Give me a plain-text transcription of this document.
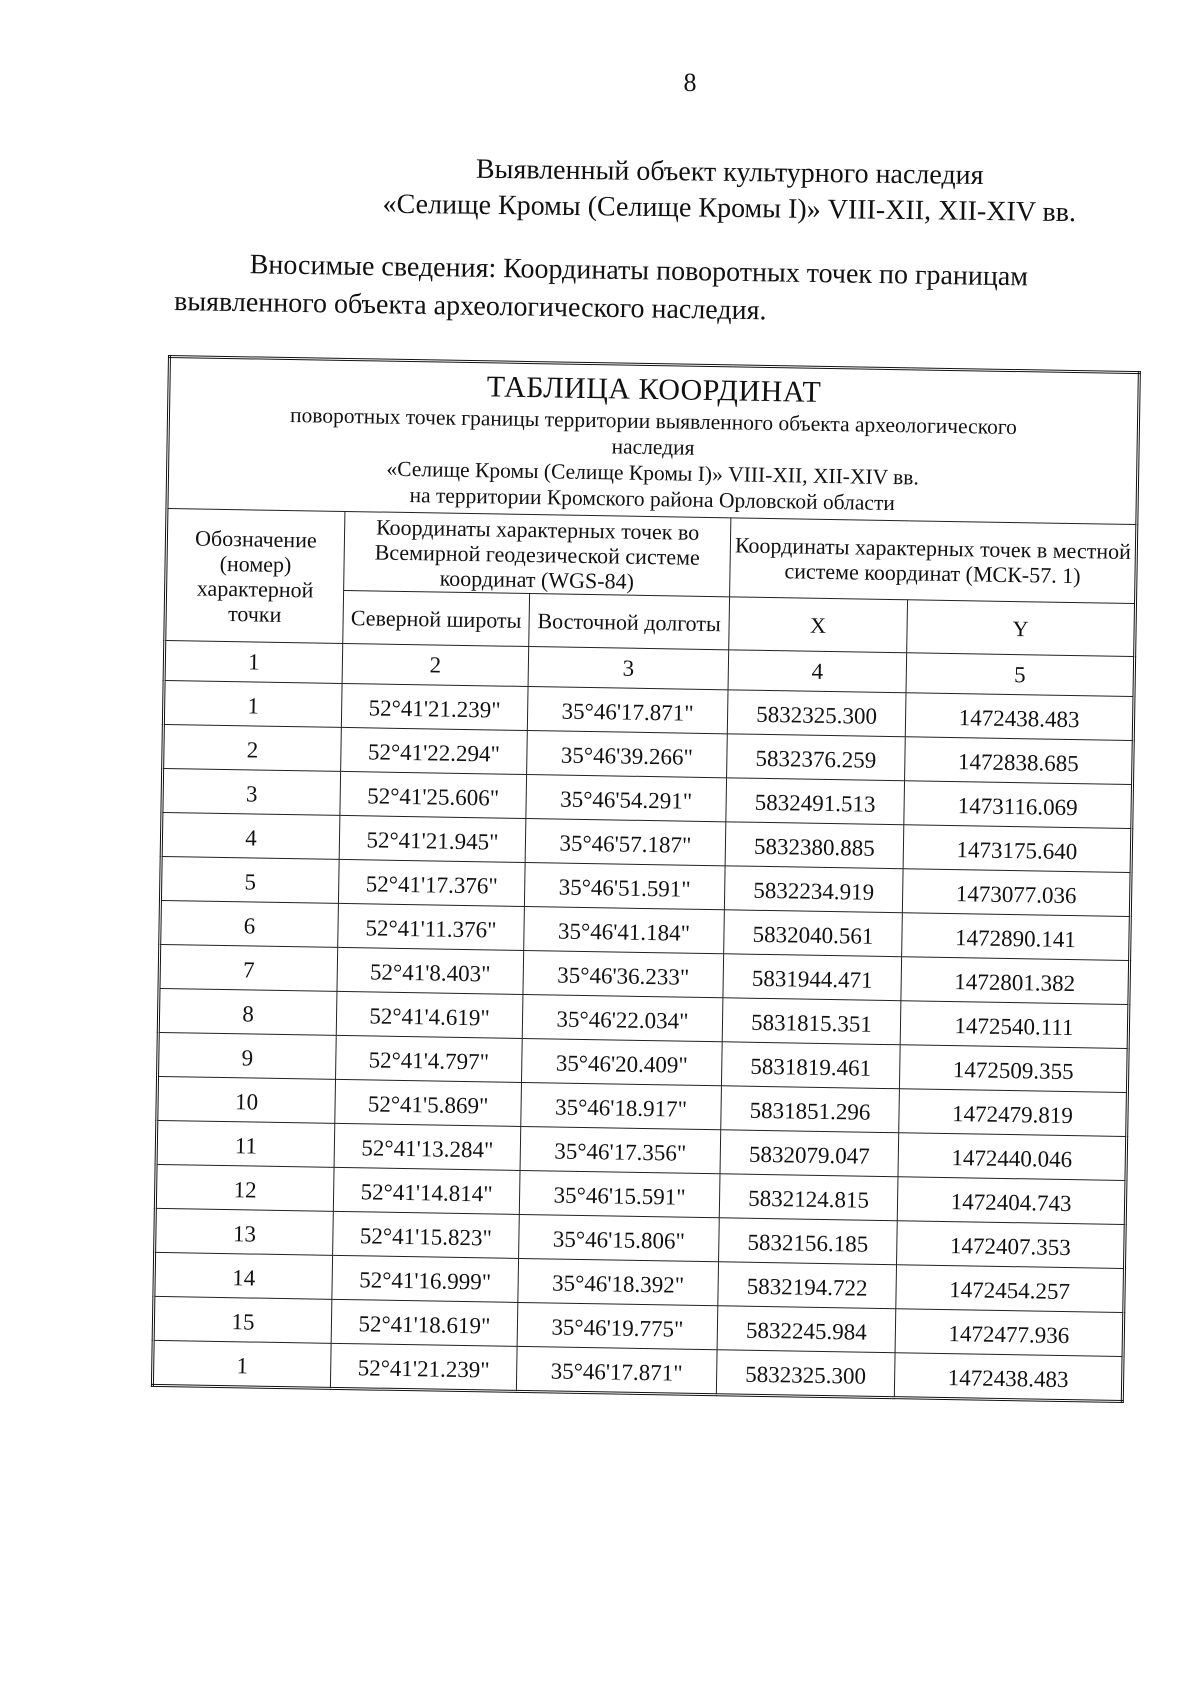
8
Выявленный объект культурного наследия
«Селище Кромы (Селище Кромы I)» VIII-XII, XII-XIV вв.
Вносимые сведения: Координаты поворотных точек по границам
выявленного объекта археологического наследия.
ТАБЛИЦА КООРДИНАТ
поворотных точек границы территории выявленного объекта археологического
наследия
«Селище Кромы (Селище Кромы I)» VIII-XII, XII-XIV вв.
на территории Кромского района Орловской области				

Обозначение (номер) характерной точки	Координаты характерных точек во Всемирной геодезической системе координат (WGS-84)		Координаты характерных точек в местной системе координат (МСК-57. 1)	
	Северной широты	Восточной долготы	X	Y
1	2	3	4	5
1	52°41'21.239"	35°46'17.871"	5832325.300	1472438.483
2	52°41'22.294"	35°46'39.266"	5832376.259	1472838.685
3	52°41'25.606"	35°46'54.291"	5832491.513	1473116.069
4	52°41'21.945"	35°46'57.187"	5832380.885	1473175.640
5	52°41'17.376"	35°46'51.591"	5832234.919	1473077.036
6	52°41'11.376"	35°46'41.184"	5832040.561	1472890.141
7	52°41'8.403"	35°46'36.233"	5831944.471	1472801.382
8	52°41'4.619"	35°46'22.034"	5831815.351	1472540.111
9	52°41'4.797"	35°46'20.409"	5831819.461	1472509.355
10	52°41'5.869"	35°46'18.917"	5831851.296	1472479.819
11	52°41'13.284"	35°46'17.356"	5832079.047	1472440.046
12	52°41'14.814"	35°46'15.591"	5832124.815	1472404.743
13	52°41'15.823"	35°46'15.806"	5832156.185	1472407.353
14	52°41'16.999"	35°46'18.392"	5832194.722	1472454.257
15	52°41'18.619"	35°46'19.775"	5832245.984	1472477.936
1	52°41'21.239"	35°46'17.871"	5832325.300	1472438.483
